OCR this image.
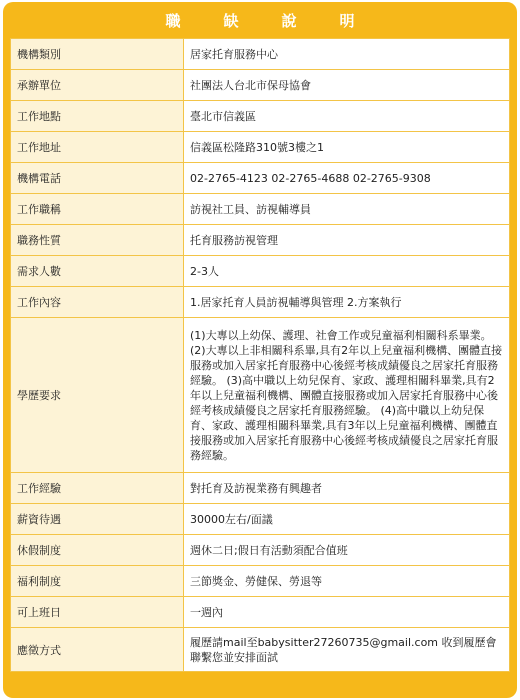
職　缺　說　明
機構類別	居家托育服務中心
承辦單位	社團法人台北市保母協會
工作地點	臺北市信義區
工作地址	信義區松隆路310號3樓之1
機構電話	02-2765-4123 02-2765-4688 02-2765-9308
工作職稱	訪視社工員、訪視輔導員
職務性質	托育服務訪視管理
需求人數	2-3人
工作內容	1.居家托育人員訪視輔導與管理 2.方案執行
學歷要求	(1)大專以上幼保、護理、社會工作或兒童福利相關科系畢業。 (2)大專以上非相關科系畢,具有2年以上兒童福利機構、團體直接服務或加入居家托育服務中心後經考核成績優良之居家托育服務經驗。 (3)高中職以上幼兒保育、家政、護理相關科畢業,具有2年以上兒童福利機構、團體直接服務或加入居家托育服務中心後經考核成績優良之居家托育服務經驗。 (4)高中職以上幼兒保育、家政、護理相關科畢業,具有3年以上兒童福利機構、團體直接服務或加入居家托育服務中心後經考核成績優良之居家托育服務經驗。
工作經驗	對托育及訪視業務有興趣者
薪資待遇	30000左右/面議
休假制度	週休二日;假日有活動須配合值班
福利制度	三節獎金、勞健保、勞退等
可上班日	一週內
應徵方式	履歷請mail至babysitter27260735@gmail.com 收到履歷會聯繫您並安排面試
